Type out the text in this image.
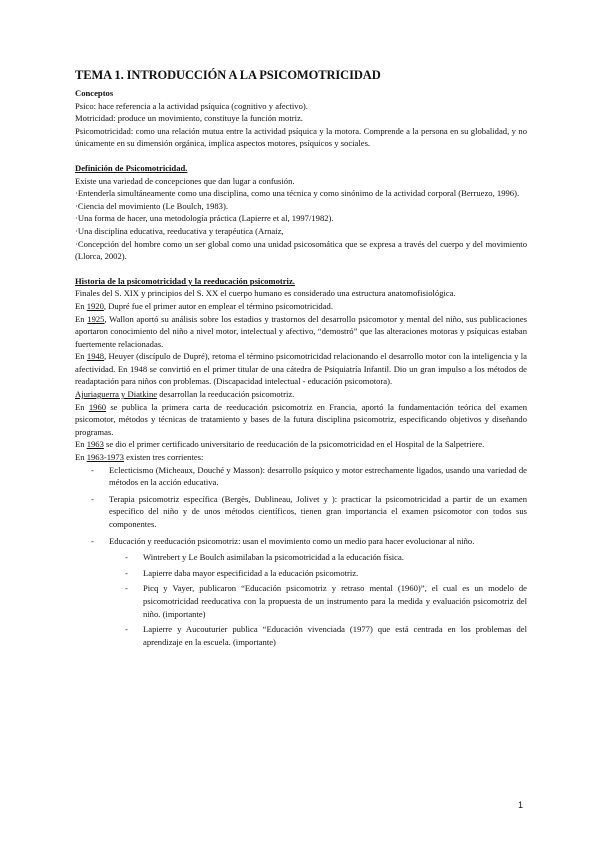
TEMA 1. INTRODUCCIÓN A LA PSICOMOTRICIDAD
Conceptos

Psico: hace referencia a la actividad psíquica (cognitivo y afectivo).

Motricidad: produce un movimiento, constituye la función motriz.

Psicomotricidad: como una relación mutua entre la actividad psíquica y la motora. Comprende a la persona en su globalidad, y no únicamente en su dimensión orgánica, implica aspectos motores, psíquicos y sociales.

Definición de Psicomotricidad.

Existe una variedad de concepciones que dan lugar a confusión.

·Entenderla simultáneamente como una disciplina, como una técnica y como sinónimo de la actividad corporal (Berruezo, 1996).

·Ciencia del movimiento (Le Boulch, 1983).

·Una forma de hacer, una metodología práctica (Lapierre et al, 1997/1982).

·Una disciplina educativa, reeducativa y terapéutica (Arnaiz,

·Concepción del hombre como un ser global como una unidad psicosomática que se expresa a través del cuerpo y del movimiento (Llorca, 2002).

Historia de la psicomotricidad y la reeducación psicomotriz.

Finales del S. XIX y principios del S. XX el cuerpo humano es considerado una estructura anatomofisiológica.

En 1920, Dupré fue el primer autor en emplear el término psicomotricidad.

En 1925, Wallon aportó su análisis sobre los estadios y trastornos del desarrollo psicomotor y mental del niño, sus publicaciones aportaron conocimiento del niño a nivel motor, intelectual y afectivo, “demostró” que las alteraciones motoras y psíquicas estaban fuertemente relacionadas.

En 1948, Heuyer (discípulo de Dupré), retoma el término psicomotricidad relacionando el desarrollo motor con la inteligencia y la afectividad. En 1948 se convirtió en el primer titular de una cátedra de Psiquiatría Infantil. Dio un gran impulso a los métodos de readaptación para niños con problemas. (Discapacidad intelectual - educación psicomotora).

Ajuriaguerra y Diatkine desarrollan la reeducación psicomotriz.

En 1960 se publica la primera carta de reeducación psicomotriz en Francia, aportó la fundamentación teórica del examen psicomotor, métodos y técnicas de tratamiento y bases de la futura disciplina psicomotriz, especificando objetivos y diseñando programas.

En 1963 se dio el primer certificado universitario de reeducación de la psicomotricidad en el Hospital de la Salpetriere.

En 1963-1973 existen tres corrientes:

- Eclecticismo (Micheaux, Douché y Masson): desarrollo psíquico y motor estrechamente ligados, usando una variedad de métodos en la acción educativa.
- Terapia psicomotriz específica (Bergès, Dublineau, Jolivet y ): practicar la psicomotricidad a partir de un examen específico del niño y de unos métodos científicos, tienen gran importancia el examen psicomotor con todos sus componentes.
- Educación y reeducación psicomotriz: usan el movimiento como un medio para hacer evolucionar al niño.
- Wintrebert y Le Boulch asimilaban la psicomotricidad a la educación física.
- Lapierre daba mayor especificidad a la educación psicomotriz.
- Picq y Vayer, publicaron “Educación psicomotriz y retraso mental (1960)”, el cual es un modelo de psicomotricidad reeducativa con la propuesta de un instrumento para la medida y evaluación psicomotriz del niño. (importante)
- Lapierre y Aucouturier publica “Educación vivenciada (1977) que está centrada en los problemas del aprendizaje en la escuela. (importante)
1
